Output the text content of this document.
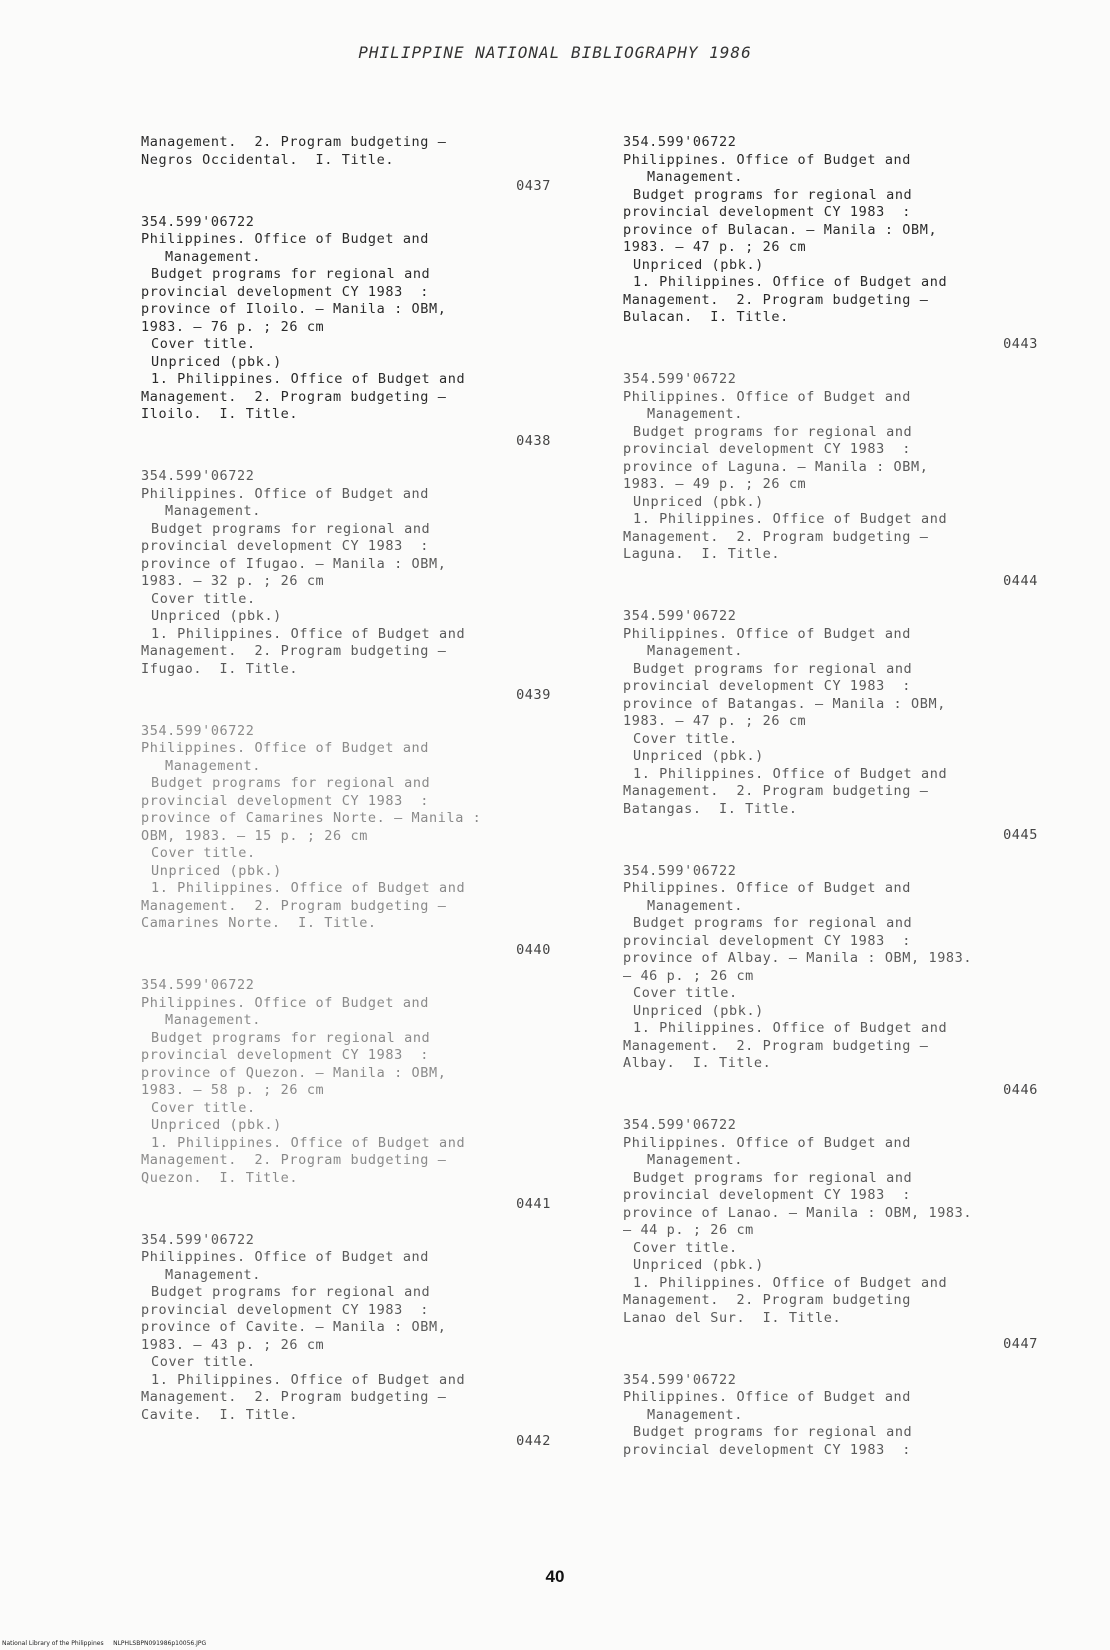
PHILIPPINE NATIONAL BIBLIOGRAPHY 1986
Management.  2. Program budgeting —
Negros Occidental.  I. Title.
0437
354.599'06722
Philippines. Office of Budget and
Management.
Budget programs for regional and
provincial development CY 1983  :
province of Iloilo. — Manila : OBM,
1983. — 76 p. ; 26 cm
Cover title.
Unpriced (pbk.)
1. Philippines. Office of Budget and
Management.  2. Program budgeting —
Iloilo.  I. Title.
0438
354.599'06722
Philippines. Office of Budget and
Management.
Budget programs for regional and
provincial development CY 1983  :
province of Ifugao. — Manila : OBM,
1983. — 32 p. ; 26 cm
Cover title.
Unpriced (pbk.)
1. Philippines. Office of Budget and
Management.  2. Program budgeting —
Ifugao.  I. Title.
0439
354.599'06722
Philippines. Office of Budget and
Management.
Budget programs for regional and
provincial development CY 1983  :
province of Camarines Norte. — Manila :
OBM, 1983. — 15 p. ; 26 cm
Cover title.
Unpriced (pbk.)
1. Philippines. Office of Budget and
Management.  2. Program budgeting —
Camarines Norte.  I. Title.
0440
354.599'06722
Philippines. Office of Budget and
Management.
Budget programs for regional and
provincial development CY 1983  :
province of Quezon. — Manila : OBM,
1983. — 58 p. ; 26 cm
Cover title.
Unpriced (pbk.)
1. Philippines. Office of Budget and
Management.  2. Program budgeting —
Quezon.  I. Title.
0441
354.599'06722
Philippines. Office of Budget and
Management.
Budget programs for regional and
provincial development CY 1983  :
province of Cavite. — Manila : OBM,
1983. — 43 p. ; 26 cm
Cover title.
1. Philippines. Office of Budget and
Management.  2. Program budgeting —
Cavite.  I. Title.
0442
354.599'06722
Philippines. Office of Budget and
Management.
Budget programs for regional and
provincial development CY 1983  :
province of Bulacan. — Manila : OBM,
1983. — 47 p. ; 26 cm
Unpriced (pbk.)
1. Philippines. Office of Budget and
Management.  2. Program budgeting —
Bulacan.  I. Title.
0443
354.599'06722
Philippines. Office of Budget and
Management.
Budget programs for regional and
provincial development CY 1983  :
province of Laguna. — Manila : OBM,
1983. — 49 p. ; 26 cm
Unpriced (pbk.)
1. Philippines. Office of Budget and
Management.  2. Program budgeting —
Laguna.  I. Title.
0444
354.599'06722
Philippines. Office of Budget and
Management.
Budget programs for regional and
provincial development CY 1983  :
province of Batangas. — Manila : OBM,
1983. — 47 p. ; 26 cm
Cover title.
Unpriced (pbk.)
1. Philippines. Office of Budget and
Management.  2. Program budgeting —
Batangas.  I. Title.
0445
354.599'06722
Philippines. Office of Budget and
Management.
Budget programs for regional and
provincial development CY 1983  :
province of Albay. — Manila : OBM, 1983.
— 46 p. ; 26 cm
Cover title.
Unpriced (pbk.)
1. Philippines. Office of Budget and
Management.  2. Program budgeting —
Albay.  I. Title.
0446
354.599'06722
Philippines. Office of Budget and
Management.
Budget programs for regional and
provincial development CY 1983  :
province of Lanao. — Manila : OBM, 1983.
— 44 p. ; 26 cm
Cover title.
Unpriced (pbk.)
1. Philippines. Office of Budget and
Management.  2. Program budgeting
Lanao del Sur.  I. Title.
0447
354.599'06722
Philippines. Office of Budget and
Management.
Budget programs for regional and
provincial development CY 1983  :
40
National Library of the Philippines     NLPHLSBPN091986p10056.JPG
